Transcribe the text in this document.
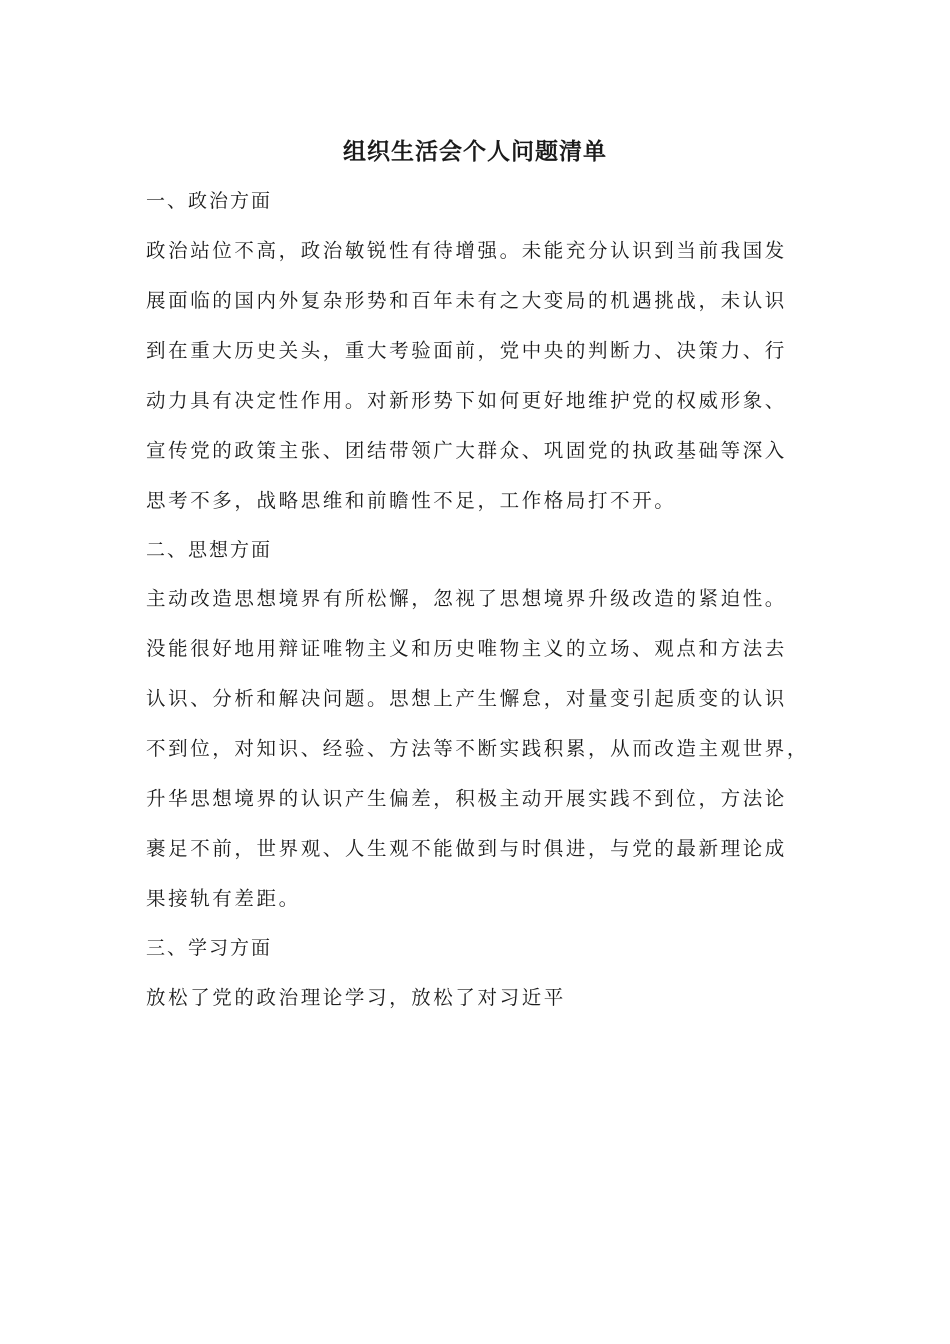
组织生活会个人问题清单
一、政治方面
政治站位不高，政治敏锐性有待增强。未能充分认识到当前我国发
展面临的国内外复杂形势和百年未有之大变局的机遇挑战，未认识
到在重大历史关头，重大考验面前，党中央的判断力、决策力、行
动力具有决定性作用。对新形势下如何更好地维护党的权威形象、
宣传党的政策主张、团结带领广大群众、巩固党的执政基础等深入
思考不多，战略思维和前瞻性不足，工作格局打不开。
二、思想方面
主动改造思想境界有所松懈，忽视了思想境界升级改造的紧迫性。
没能很好地用辩证唯物主义和历史唯物主义的立场、观点和方法去
认识、分析和解决问题。思想上产生懈怠，对量变引起质变的认识
不到位，对知识、经验、方法等不断实践积累，从而改造主观世界，
升华思想境界的认识产生偏差，积极主动开展实践不到位，方法论
裹足不前，世界观、人生观不能做到与时俱进，与党的最新理论成
果接轨有差距。
三、学习方面
放松了党的政治理论学习，放松了对习近平
